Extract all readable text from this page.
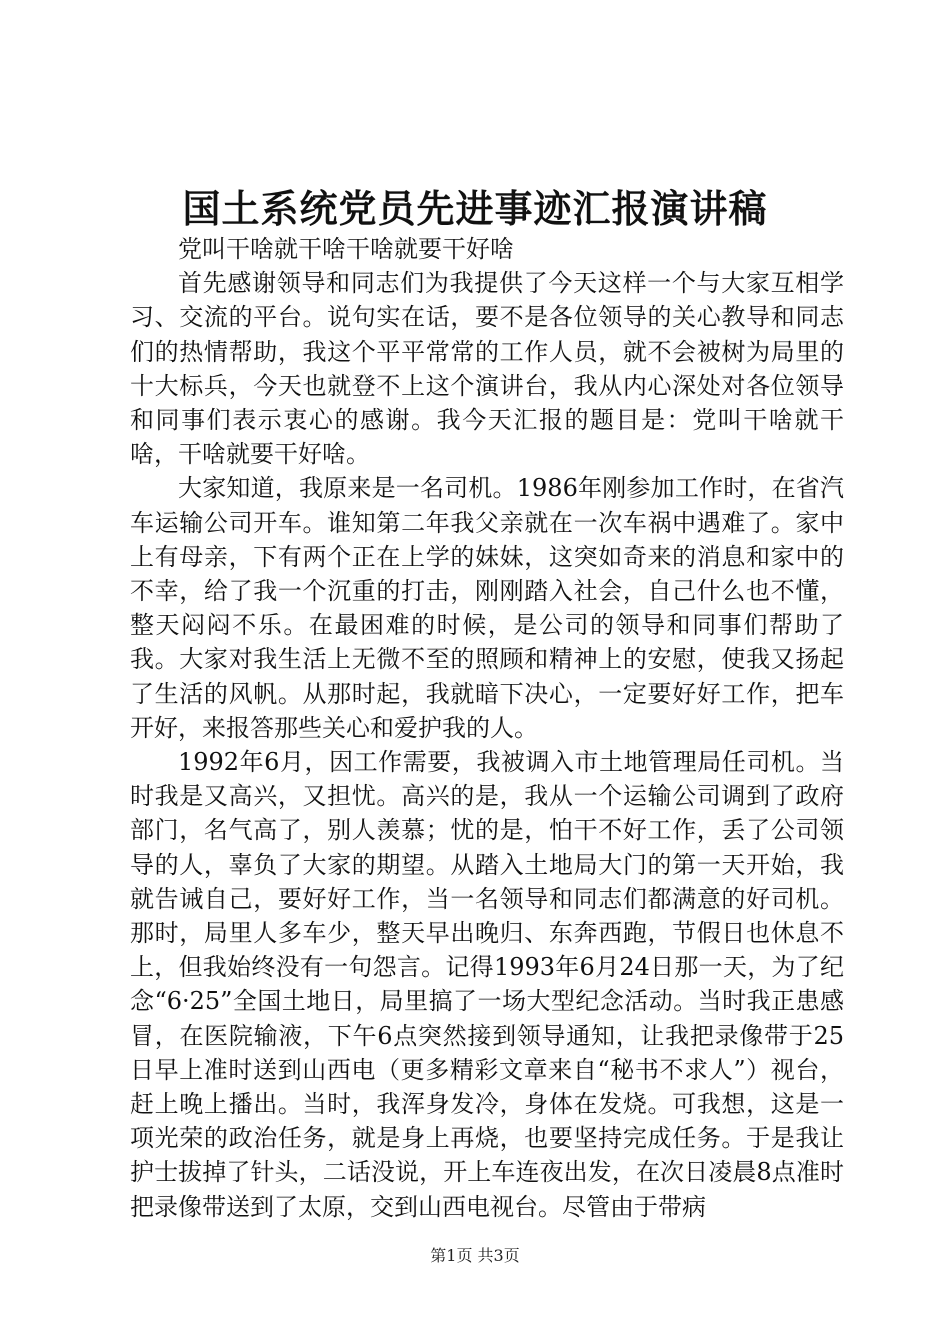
国土系统党员先进事迹汇报演讲稿

党叫干啥就干啥干啥就要干好啥

首先感谢领导和同志们为我提供了今天这样一个与大家互相学习、交流的平台。说句实在话，要不是各位领导的关心教导和同志们的热情帮助，我这个平平常常的工作人员，就不会被树为局里的十大标兵，今天也就登不上这个演讲台，我从内心深处对各位领导和同事们表示衷心的感谢。我今天汇报的题目是：党叫干啥就干啥，干啥就要干好啥。

大家知道，我原来是一名司机。1986年刚参加工作时，在省汽车运输公司开车。谁知第二年我父亲就在一次车祸中遇难了。家中上有母亲，下有两个正在上学的妹妹，这突如奇来的消息和家中的不幸，给了我一个沉重的打击，刚刚踏入社会，自己什么也不懂，整天闷闷不乐。在最困难的时候，是公司的领导和同事们帮助了我。大家对我生活上无微不至的照顾和精神上的安慰，使我又扬起了生活的风帆。从那时起，我就暗下决心，一定要好好工作，把车开好，来报答那些关心和爱护我的人。

1992年6月，因工作需要，我被调入市土地管理局任司机。当时我是又高兴，又担忧。高兴的是，我从一个运输公司调到了政府部门，名气高了，别人羡慕；忧的是，怕干不好工作，丢了公司领导的人，辜负了大家的期望。从踏入土地局大门的第一天开始，我就告诫自己，要好好工作，当一名领导和同志们都满意的好司机。那时，局里人多车少，整天早出晚归、东奔西跑，节假日也休息不上，但我始终没有一句怨言。记得1993年6月24日那一天，为了纪念“6·25”全国土地日，局里搞了一场大型纪念活动。当时我正患感冒，在医院输液，下午6点突然接到领导通知，让我把录像带于25日早上准时送到山西电（更多精彩文章来自“秘书不求人”）视台，赶上晚上播出。当时，我浑身发冷，身体在发烧。可我想，这是一项光荣的政治任务，就是身上再烧，也要坚持完成任务。于是我让护士拔掉了针头，二话没说，开上车连夜出发，在次日凌晨8点准时把录像带送到了太原，交到山西电视台。尽管由于带病

第1页 共3页
